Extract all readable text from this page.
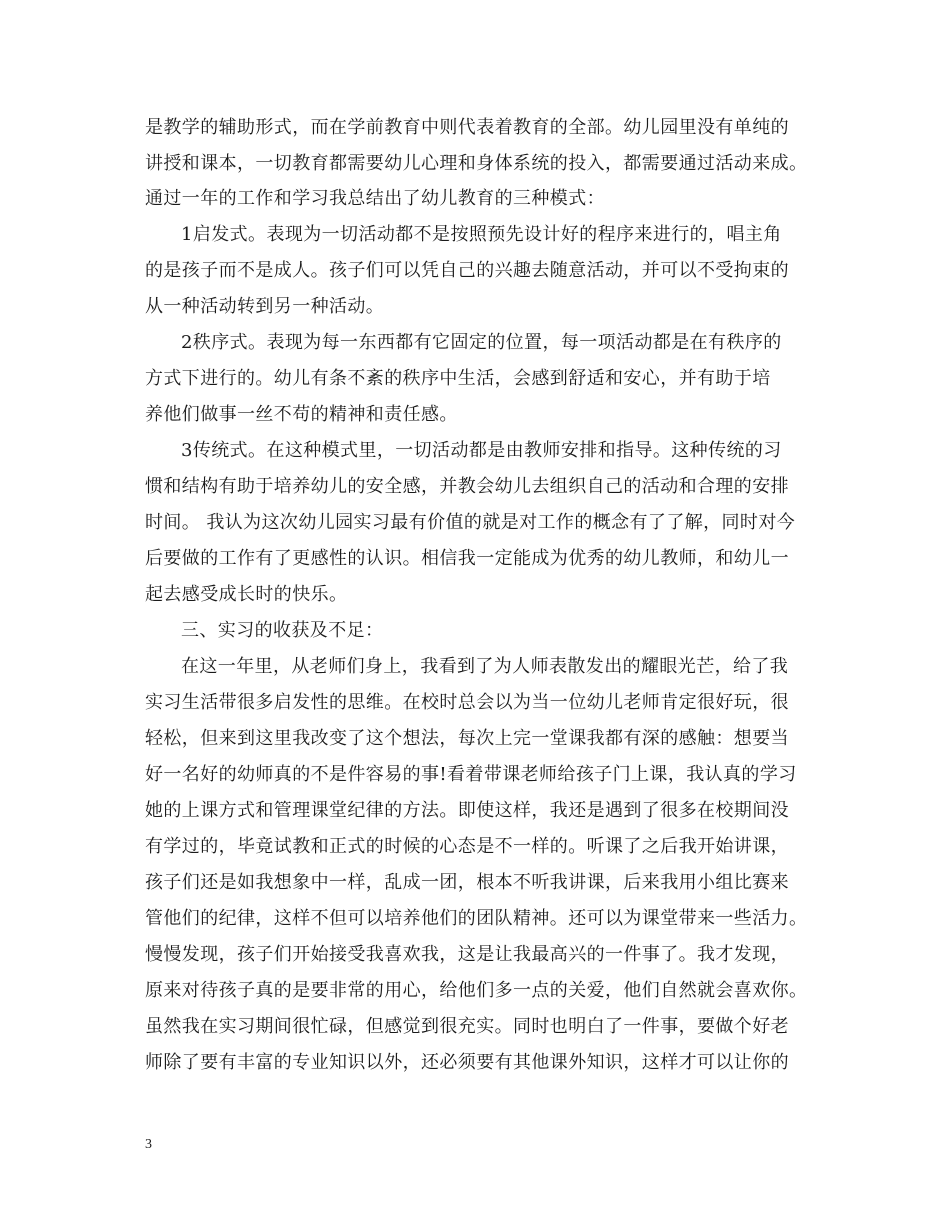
是教学的辅助形式，而在学前教育中则代表着教育的全部。幼儿园里没有单纯的
讲授和课本，一切教育都需要幼儿心理和身体系统的投入，都需要通过活动来成。
通过一年的工作和学习我总结出了幼儿教育的三种模式：
1启发式。表现为一切活动都不是按照预先设计好的程序来进行的，唱主角
的是孩子而不是成人。孩子们可以凭自己的兴趣去随意活动，并可以不受拘束的
从一种活动转到另一种活动。
2秩序式。表现为每一东西都有它固定的位置，每一项活动都是在有秩序的
方式下进行的。幼儿有条不紊的秩序中生活，会感到舒适和安心，并有助于培
养他们做事一丝不苟的精神和责任感。
3传统式。在这种模式里，一切活动都是由教师安排和指导。这种传统的习
惯和结构有助于培养幼儿的安全感，并教会幼儿去组织自己的活动和合理的安排
时间。 我认为这次幼儿园实习最有价值的就是对工作的概念有了了解，同时对今
后要做的工作有了更感性的认识。相信我一定能成为优秀的幼儿教师，和幼儿一
起去感受成长时的快乐。
三、实习的收获及不足：
在这一年里，从老师们身上，我看到了为人师表散发出的耀眼光芒，给了我
实习生活带很多启发性的思维。在校时总会以为当一位幼儿老师肯定很好玩，很
轻松，但来到这里我改变了这个想法，每次上完一堂课我都有深的感触：想要当
好一名好的幼师真的不是件容易的事!看着带课老师给孩子门上课，我认真的学习
她的上课方式和管理课堂纪律的方法。即使这样，我还是遇到了很多在校期间没
有学过的，毕竟试教和正式的时候的心态是不一样的。听课了之后我开始讲课，
孩子们还是如我想象中一样，乱成一团，根本不听我讲课，后来我用小组比赛来
管他们的纪律，这样不但可以培养他们的团队精神。还可以为课堂带来一些活力。
慢慢发现，孩子们开始接受我喜欢我，这是让我最高兴的一件事了。我才发现，
原来对待孩子真的是要非常的用心，给他们多一点的关爱，他们自然就会喜欢你。
虽然我在实习期间很忙碌，但感觉到很充实。同时也明白了一件事，要做个好老
师除了要有丰富的专业知识以外，还必须要有其他课外知识，这样才可以让你的
3
